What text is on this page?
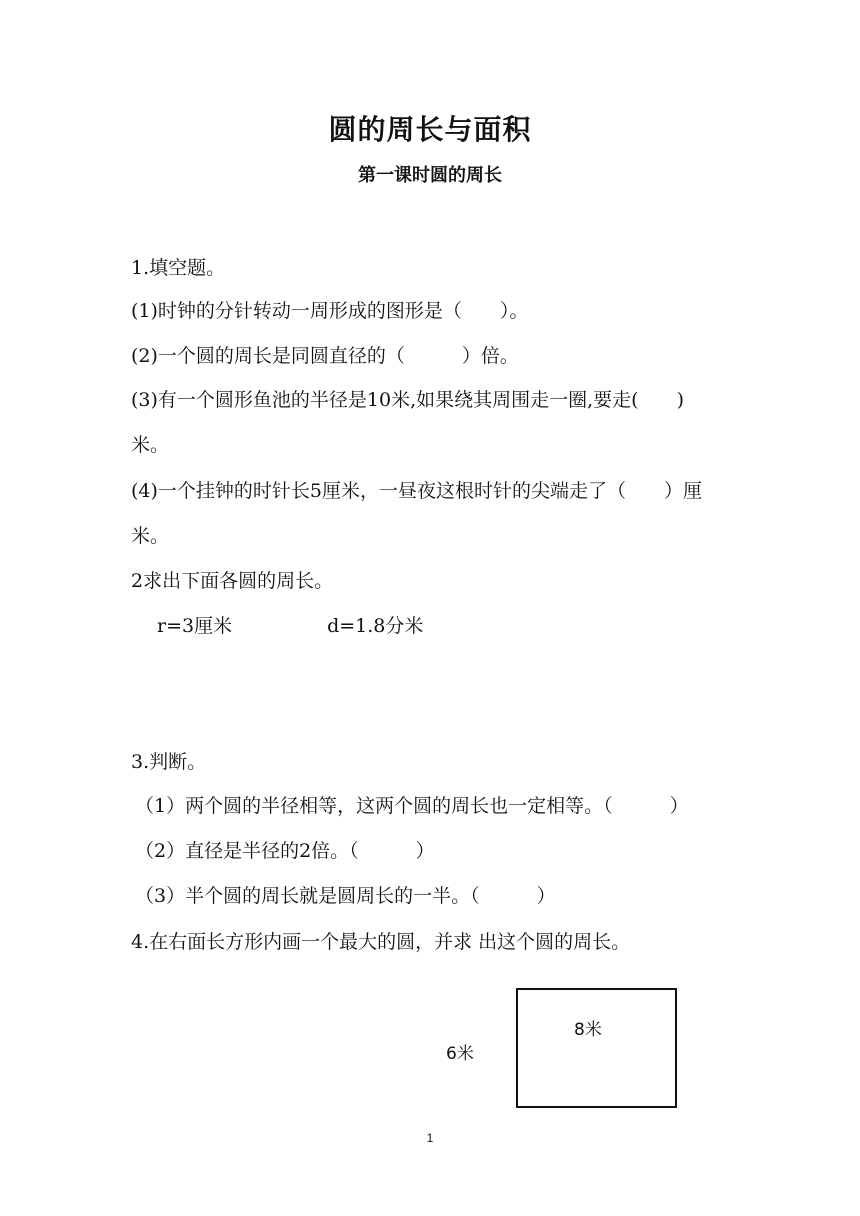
圆的周长与面积
第一课时圆的周长
1.填空题。
(1)时钟的分针转动一周形成的图形是（　　）。
(2)一个圆的周长是同圆直径的（　　　）倍。
(3)有一个圆形鱼池的半径是10米,如果绕其周围走一圈,要走(　　)
米。
(4)一个挂钟的时针长5厘米，一昼夜这根时针的尖端走了（　　）厘
米。
2求出下面各圆的周长。
r=3厘米　　　　　d=1.8分米
3.判断。
（1）两个圆的半径相等，这两个圆的周长也一定相等。（　　　）
（2）直径是半径的2倍。（　　　）
（3）半个圆的周长就是圆周长的一半。（　　　）
4.在右面长方形内画一个最大的圆，并求 出这个圆的周长。
6米
8米
1
